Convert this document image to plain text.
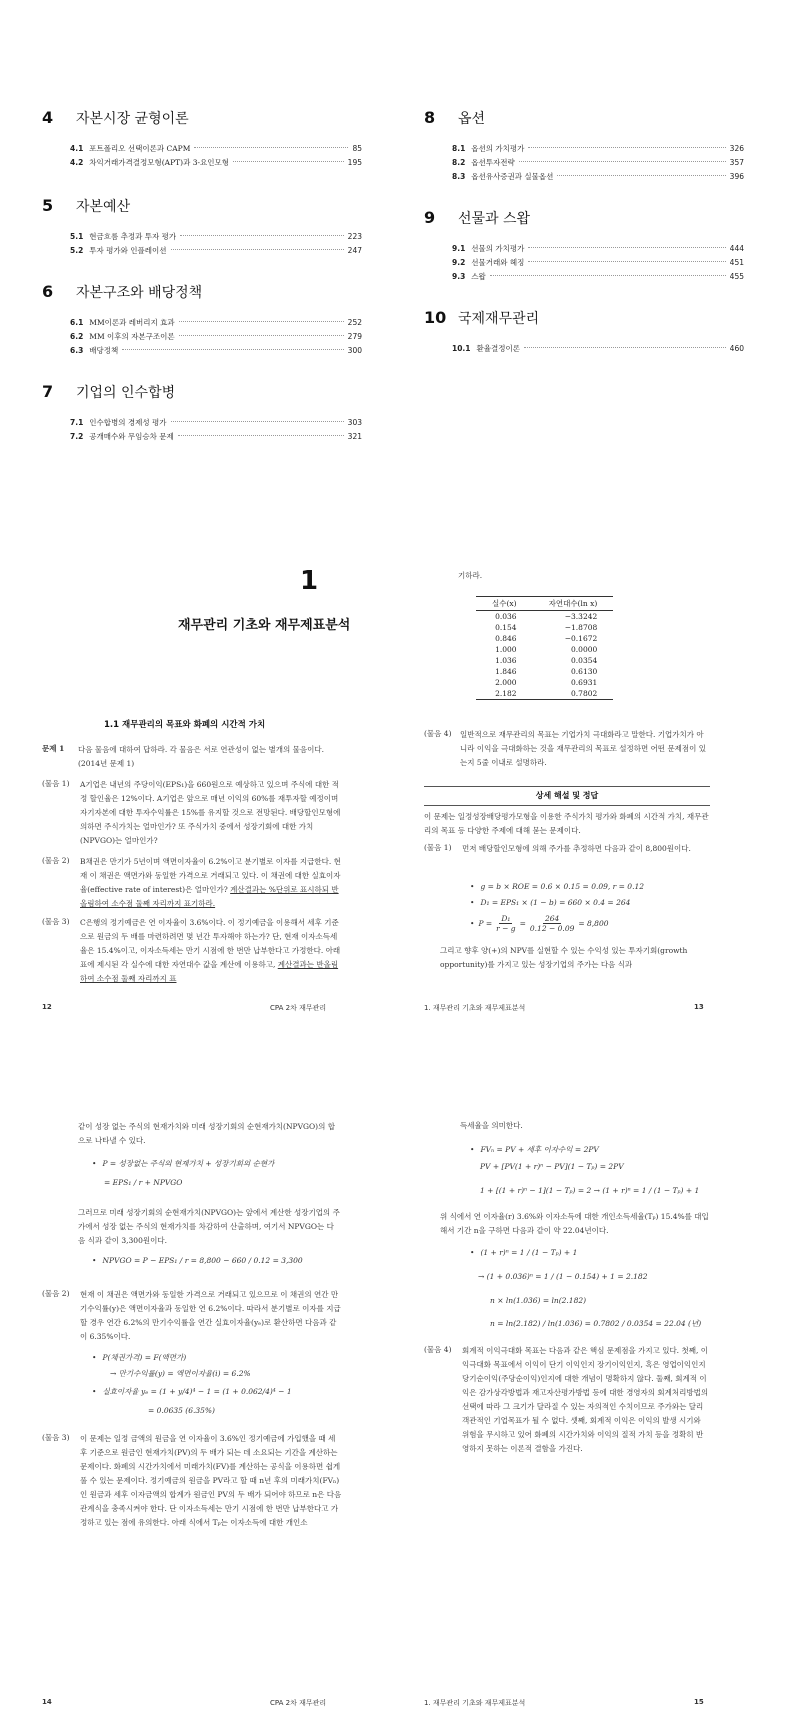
4	자본시장 균형이론
4.1 포트폴리오 선택이론과 CAPM	85
4.2 차익거래가격결정모형(APT)과 3-요인모형	195
5	자본예산
5.1 현금흐름 추정과 투자 평가	223
5.2 투자 평가와 인플레이션	247
6	자본구조와 배당정책
6.1 MM이론과 레버리지 효과	252
6.2 MM 이후의 자본구조이론	279
6.3 배당정책	300
7	기업의 인수합병
7.1 인수합병의 경제성 평가	303
7.2 공개매수와 무임승차 문제	321
8	옵션
8.1 옵션의 가치평가	326
8.2 옵션투자전략	357
8.3 옵션유사증권과 실물옵션	396
9	선물과 스왑
9.1 선물의 가치평가	444
9.2 선물거래와 헤징	451
9.3 스왑	455
10 국제재무관리
10.1 환율결정이론	460
1
재무관리 기초와 재무제표분석
1.1 재무관리의 목표와 화폐의 시간적 가치
문제 1 다음 물음에 대하여 답하라. 각 물음은 서로 연관성이 없는 별개의 물음이다. (2014년 문제 1)
(물음 1) A기업은 내년의 주당이익(EPS₁)을 660원으로 예상하고 있으며 주식에 대한 적정 할인율은 12%이다. A기업은 앞으로 매년 이익의 60%를 재투자할 예정이며 자기자본에 대한 투자수익률은 15%를 유지할 것으로 전망된다. 배당할인모형에 의하면 주식가치는 얼마인가? 또 주식가치 중에서 성장기회에 대한 가치(NPVGO)는 얼마인가?
(물음 2) B채권은 만기가 5년이며 액면이자율이 6.2%이고 분기별로 이자를 지급한다. 현재 이 채권은 액면가와 동일한 가격으로 거래되고 있다. 이 채권에 대한 실효이자율(effective rate of interest)은 얼마인가? 계산결과는 %단위로 표시하되 반올림하여 소수점 둘째 자리까지 표기하라.
(물음 3) C은행의 정기예금은 연 이자율이 3.6%이다. 이 정기예금을 이용해서 세후 기준으로 원금의 두 배를 마련하려면 몇 년간 투자해야 하는가? 단, 현재 이자소득세율은 15.4%이고, 이자소득세는 만기 시점에 한 번만 납부한다고 가정한다. 아래 표에 제시된 각 실수에 대한 자연대수 값을 계산에 이용하고, 계산결과는 반올림하여 소수점 둘째 자리까지 표
12	CPA 2차 재무관리
기하라.
실수(x)	자연대수(ln x)
0.036	−3.3242
0.154	−1.8708
0.846	−0.1672
1.000	0.0000
1.036	0.0354
1.846	0.6130
2.000	0.6931
2.182	0.7802
(물음 4) 일반적으로 재무관리의 목표는 기업가치 극대화라고 말한다. 기업가치가 아니라 이익을 극대화하는 것을 재무관리의 목표로 설정하면 어떤 문제점이 있는지 5줄 이내로 설명하라.
상세 해설 및 정답
이 문제는 일정성장배당평가모형을 이용한 주식가치 평가와 화폐의 시간적 가치, 재무관리의 목표 등 다양한 주제에 대해 묻는 문제이다.
(물음 1) 먼저 배당할인모형에 의해 주가를 추정하면 다음과 같이 8,800원이다.
• g = b × ROE = 0.6 × 0.15 = 0.09, r = 0.12
• D₁ = EPS₁ × (1 − b) = 660 × 0.4 = 264
• $P = \frac{\text{D₁}}{r - g} = \frac{264}{0.12 - 0.09} = 8,800$
그리고 향후 양(+)의 NPV를 실현할 수 있는 수익성 있는 투자기회(growth opportunity)를 가지고 있는 성장기업의 주가는 다음 식과
1. 재무관리 기초와 재무제표분석	13
같이 성장 없는 주식의 현재가치와 미래 성장기회의 순현재가치(NPVGO)의 합으로 나타낼 수 있다.
• P = 성장없는 주식의 현재가치 + 성장기회의 순현가
= EPS₁ / r + NPVGO
그러므로 미래 성장기회의 순현재가치(NPVGO)는 앞에서 계산한 성장기업의 주가에서 성장 없는 주식의 현재가치를 차감하여 산출하며, 여기서 NPVGO는 다음 식과 같이 3,300원이다.
• NPVGO = P − EPS₁ / r = 8,800 − 660 / 0.12 = 3,300
(물음 2) 현재 이 채권은 액면가와 동일한 가격으로 거래되고 있으므로 이 채권의 연간 만기수익률(y)은 액면이자율과 동일한 연 6.2%이다. 따라서 분기별로 이자를 지급할 경우 연간 6.2%의 만기수익률을 연간 실효이자율(yₑ)로 환산하면 다음과 같이 6.35%이다.
• P(채권가격) = F(액면가)
→ 만기수익률(y) = 액면이자율(i) = 6.2%
• 실효이자율 yₑ = (1 + y/4)⁴ − 1 = (1 + 0.062/4)⁴ − 1
= 0.0635 (6.35%)
(물음 3) 이 문제는 일정 금액의 원금을 연 이자율이 3.6%인 정기예금에 가입했을 때 세후 기준으로 원금인 현재가치(PV)의 두 배가 되는 데 소요되는 기간을 계산하는 문제이다. 화폐의 시간가치에서 미래가치(FV)를 계산하는 공식을 이용하면 쉽게 풀 수 있는 문제이다. 정기예금의 원금을 PV라고 할 때 n년 후의 미래가치(FVₙ)인 원금과 세후 이자금액의 합계가 원금인 PV의 두 배가 되어야 하므로 n은 다음 관계식을 충족시켜야 한다. 단 이자소득세는 만기 시점에 한 번만 납부한다고 가정하고 있는 점에 유의한다. 아래 식에서 Tₚ는 이자소득에 대한 개인소
14	CPA 2차 재무관리
득세율을 의미한다.
• FVₙ = PV + 세후 이자수익 = 2PV
PV + [PV(1 + r)ⁿ − PV](1 − Tₚ) = 2PV
1 + [(1 + r)ⁿ − 1](1 − Tₚ) = 2 → (1 + r)ⁿ = 1 / (1 − Tₚ) + 1
위 식에서 연 이자율(r) 3.6%와 이자소득에 대한 개인소득세율(Tₚ) 15.4%를 대입해서 기간 n을 구하면 다음과 같이 약 22.04년이다.
• (1 + r)ⁿ = 1 / (1 − Tₚ) + 1
→ (1 + 0.036)ⁿ = 1 / (1 − 0.154) + 1 = 2.182
n × ln(1.036) = ln(2.182)
n = ln(2.182) / ln(1.036) = 0.7802 / 0.0354 = 22.04 (년)
(물음 4) 회계적 이익극대화 목표는 다음과 같은 핵심 문제점을 가지고 있다. 첫째, 이익극대화 목표에서 이익이 단기 이익인지 장기이익인지, 혹은 영업이익인지 당기순이익(주당순이익)인지에 대한 개념이 명확하지 않다. 둘째, 회계적 이익은 감가상각방법과 재고자산평가방법 등에 대한 경영자의 회계처리방법의 선택에 따라 그 크기가 달라질 수 있는 자의적인 수치이므로 주가와는 달리 객관적인 기업목표가 될 수 없다. 셋째, 회계적 이익은 이익의 발생 시기와 위험을 무시하고 있어 화폐의 시간가치와 이익의 질적 가치 등을 정확히 반영하지 못하는 이론적 결함을 가진다.
1. 재무관리 기초와 재무제표분석	15
